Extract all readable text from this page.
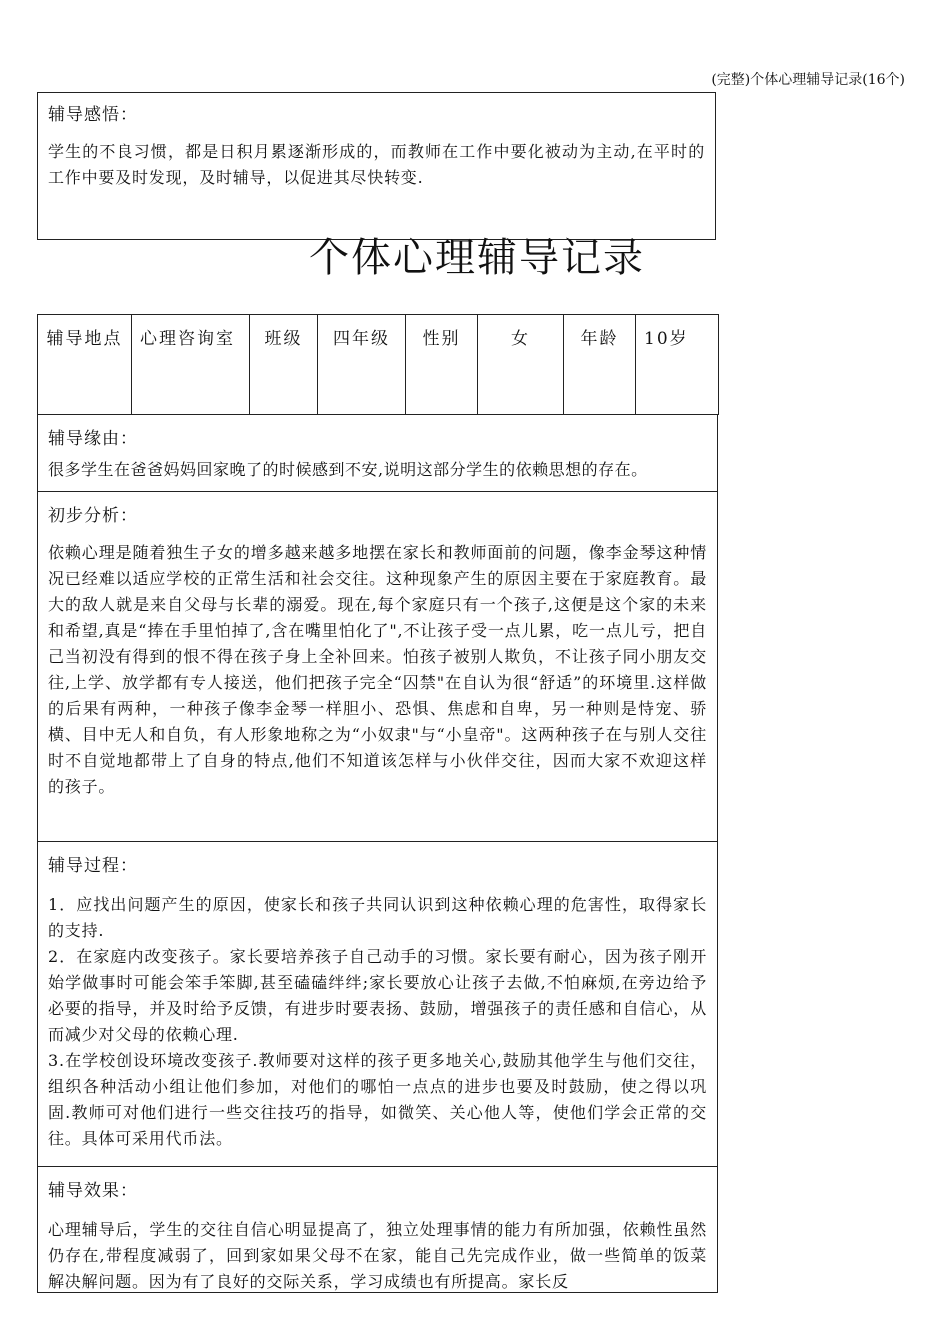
(完整)个体心理辅导记录(16个)
辅导感悟：
学生的不良习惯，都是日积月累逐渐形成的，而教师在工作中要化被动为主动,在平时的工作中要及时发现，及时辅导，以促进其尽快转变.
个体心理辅导记录
辅导地点	心理咨询室	班级	四年级	性别	女	年龄	10岁
辅导缘由：
很多学生在爸爸妈妈回家晚了的时候感到不安,说明这部分学生的依赖思想的存在。
初步分析：
依赖心理是随着独生子女的增多越来越多地摆在家长和教师面前的问题，像李金琴这种情况已经难以适应学校的正常生活和社会交往。这种现象产生的原因主要在于家庭教育。最大的敌人就是来自父母与长辈的溺爱。现在,每个家庭只有一个孩子,这便是这个家的未来和希望,真是“捧在手里怕掉了,含在嘴里怕化了",不让孩子受一点儿累，吃一点儿亏，把自己当初没有得到的恨不得在孩子身上全补回来。怕孩子被别人欺负，不让孩子同小朋友交往,上学、放学都有专人接送，他们把孩子完全“囚禁"在自认为很“舒适”的环境里.这样做的后果有两种，一种孩子像李金琴一样胆小、恐惧、焦虑和自卑，另一种则是恃宠、骄横、目中无人和自负，有人形象地称之为“小奴隶"与“小皇帝"。这两种孩子在与别人交往时不自觉地都带上了自身的特点,他们不知道该怎样与小伙伴交往，因而大家不欢迎这样的孩子。
辅导过程：
1．应找出问题产生的原因，使家长和孩子共同认识到这种依赖心理的危害性，取得家长的支持.
2．在家庭内改变孩子。家长要培养孩子自己动手的习惯。家长要有耐心，因为孩子刚开始学做事时可能会笨手笨脚,甚至磕磕绊绊;家长要放心让孩子去做,不怕麻烦,在旁边给予必要的指导，并及时给予反馈，有进步时要表扬、鼓励，增强孩子的责任感和自信心，从而减少对父母的依赖心理.
3.在学校创设环境改变孩子.教师要对这样的孩子更多地关心,鼓励其他学生与他们交往，组织各种活动小组让他们参加，对他们的哪怕一点点的进步也要及时鼓励，使之得以巩固.教师可对他们进行一些交往技巧的指导，如微笑、关心他人等，使他们学会正常的交往。具体可采用代币法。
辅导效果：
心理辅导后，学生的交往自信心明显提高了，独立处理事情的能力有所加强，依赖性虽然仍存在,带程度减弱了，回到家如果父母不在家，能自己先完成作业，做一些简单的饭菜解决解问题。因为有了良好的交际关系，学习成绩也有所提高。家长反
